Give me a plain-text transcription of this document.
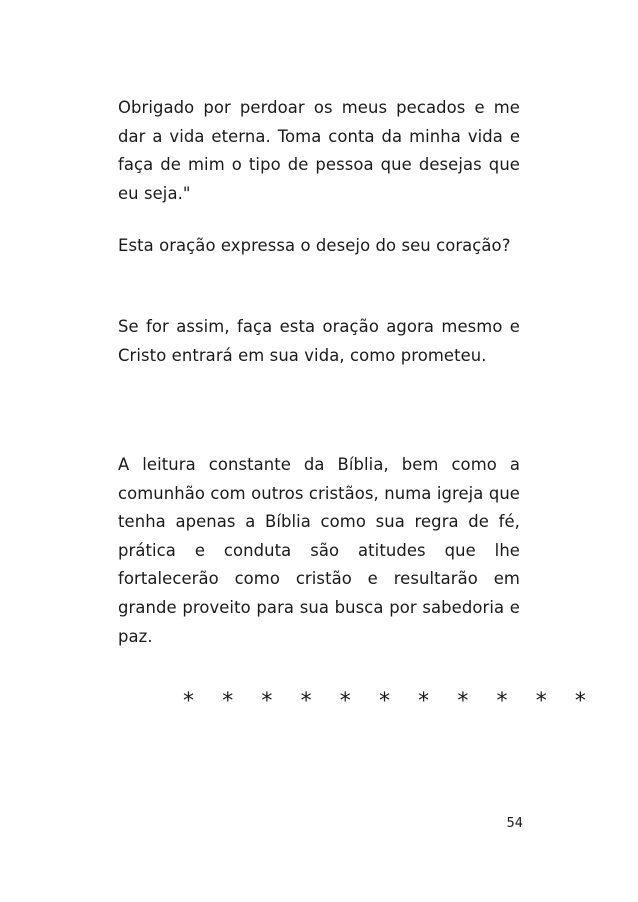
Obrigado por perdoar os meus pecados e me dar a vida eterna. Toma conta da minha vida e faça de mim o tipo de pessoa que desejas que eu seja."

Esta oração expressa o desejo do seu coração?

Se for assim, faça esta oração agora mesmo e Cristo entrará em sua vida, como prometeu.

A leitura constante da Bíblia, bem como a comunhão com outros cristãos, numa igreja que tenha apenas a Bíblia como sua regra de fé, prática e conduta são atitudes que lhe fortalecerão como cristão e resultarão em grande proveito para sua busca por sabedoria e paz.

* * * * * * * * * * *

54
